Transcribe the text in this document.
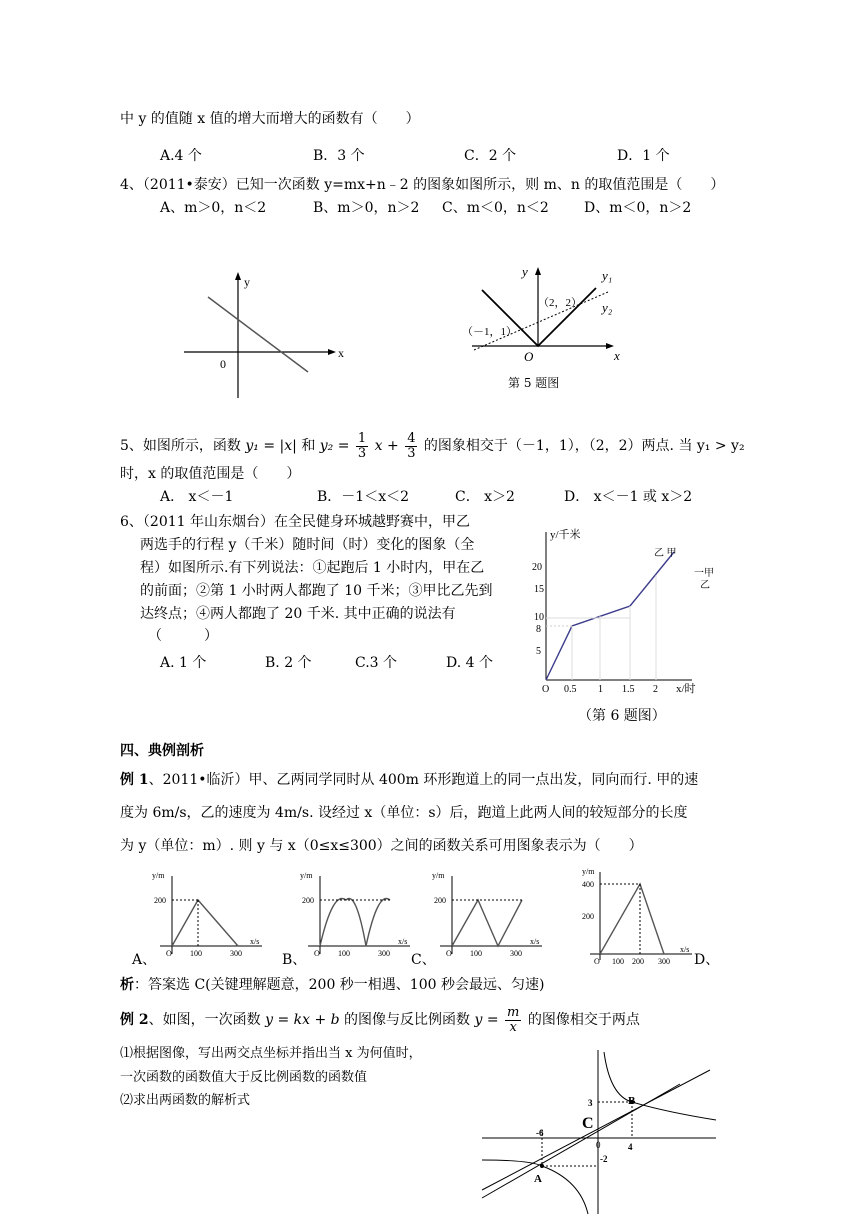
中 y 的值随 x 值的增大而增大的函数有（　　）
A.4 个	B．3 个	C．2 个	D．1 个
4、（2011•泰安）已知一次函数 y=mx+n﹣2 的图象如图所示，则 m、n 的取值范围是（　　）
A、m＞0，n＜2	B、m＞0，n＞2 C、m＜0，n＜2	D、m＜0，n＞2
y
x
0
y
x
O
y₁
y₂
（－1，1）
（2，2）
第 5 题图
5、如图所示，函数 y₁ = |x| 和 $y_2 = \frac{1}{3}$ $x + \frac{4}{3}$ 的图象相交于（－1，1），（2，2）两点. 当 y₁ > y₂
时，x 的取值范围是（　　）
A． x＜－1	B．－1＜x＜2	C． x＞2	D． x＜－1 或 x＞2
6、（2011 年山东烟台）在全民健身环城越野赛中，甲乙
两选手的行程 y（千米）随时间（时）变化的图象（全
程）如图所示.有下列说法：①起跑后 1 小时内，甲在乙
的前面；②第 1 小时两人都跑了 10 千米；③甲比乙先到
达终点；④两人都跑了 20 千米. 其中正确的说法有
（　　　）
A. 1 个	B. 2 个	C.3 个	D. 4 个
y/千米
x/时
20
15
10
8
5
O 0.5 1 1.5 2
乙 甲
一甲
乙
（第 6 题图）
四、典例剖析
例 1、2011•临沂）甲、乙两同学同时从 400m 环形跑道上的同一点出发，同向而行. 甲的速
度为 6m/s，乙的速度为 4m/s. 设经过 x（单位：s）后，跑道上此两人间的较短部分的长度
为 y（单位：m）. 则 y 与 x（0≤x≤300）之间的函数关系可用图象表示为（　　）
y/m
x/s
200
O 100	300
A、
y/m
x/s
200
O 100	300
B、
y/m
x/s
200
O 100	300
C、
y/m
x/s
400
200
O 100 200 300 D、
析：答案选 C(关键理解题意，200 秒一相遇、100 秒会最远、匀速)
例 2、如图，一次函数 y = kx + b 的图像与反比例函数 $y = \frac{m}{x}$ 的图像相交于两点
⑴根据图像，写出两交点坐标并指出当 x 为何值时，
一次函数的函数值大于反比例函数的函数值
⑵求出两函数的解析式
A
B
C
0
3
-6
4
-2
